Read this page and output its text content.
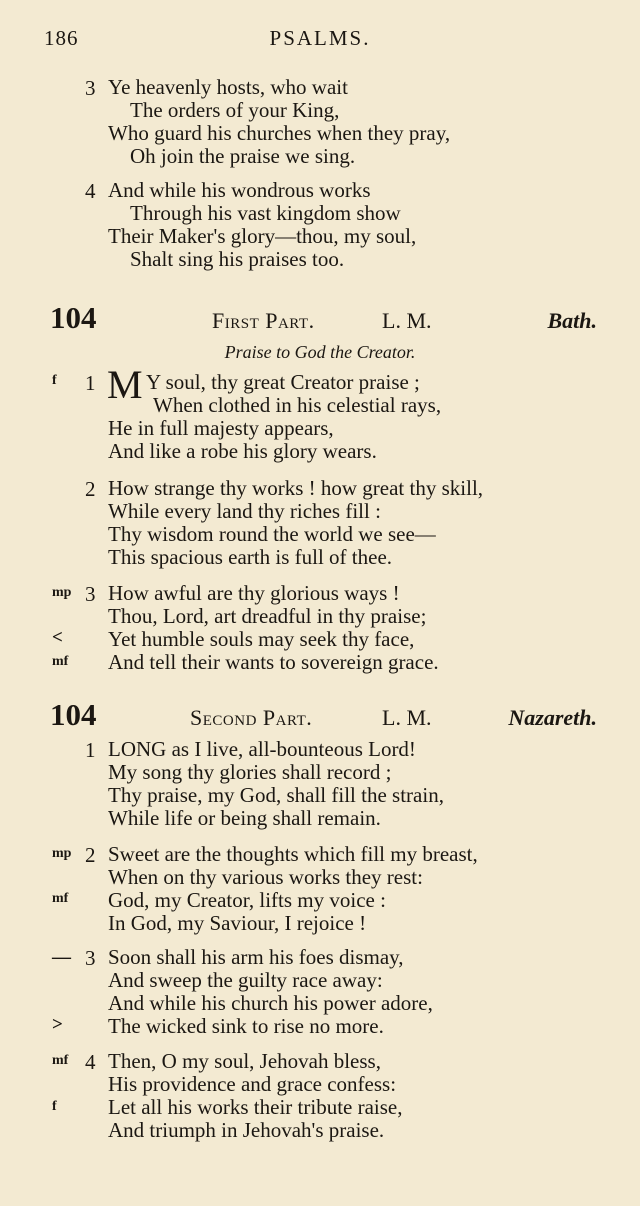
186	PSALMS.
3 Ye heavenly hosts, who wait
The orders of your King,
Who guard his churches when they pray,
Oh join the praise we sing.
4 And while his wondrous works
Through his vast kingdom show
Their Maker's glory—thou, my soul,
Shalt sing his praises too.
104	First Part.	L. M.	Bath.
Praise to God the Creator.
f 1 M Y soul, thy great Creator praise ;
When clothed in his celestial rays,
He in full majesty appears,
And like a robe his glory wears.
2 How strange thy works ! how great thy skill,
While every land thy riches fill :
Thy wisdom round the world we see—
This spacious earth is full of thee.
mp 3 How awful are thy glorious ways !
Thou, Lord, art dreadful in thy praise;
< Yet humble souls may seek thy face,
mf And tell their wants to sovereign grace.
104	Second Part.	L. M.	Nazareth.
1 LONG as I live, all-bounteous Lord!
My song thy glories shall record ;
Thy praise, my God, shall fill the strain,
While life or being shall remain.
mp 2 Sweet are the thoughts which fill my breast,
When on thy various works they rest:
mf God, my Creator, lifts my voice :
In God, my Saviour, I rejoice !
— 3 Soon shall his arm his foes dismay,
And sweep the guilty race away:
And while his church his power adore,
> The wicked sink to rise no more.
mf 4 Then, O my soul, Jehovah bless,
His providence and grace confess:
f Let all his works their tribute raise,
And triumph in Jehovah's praise.
